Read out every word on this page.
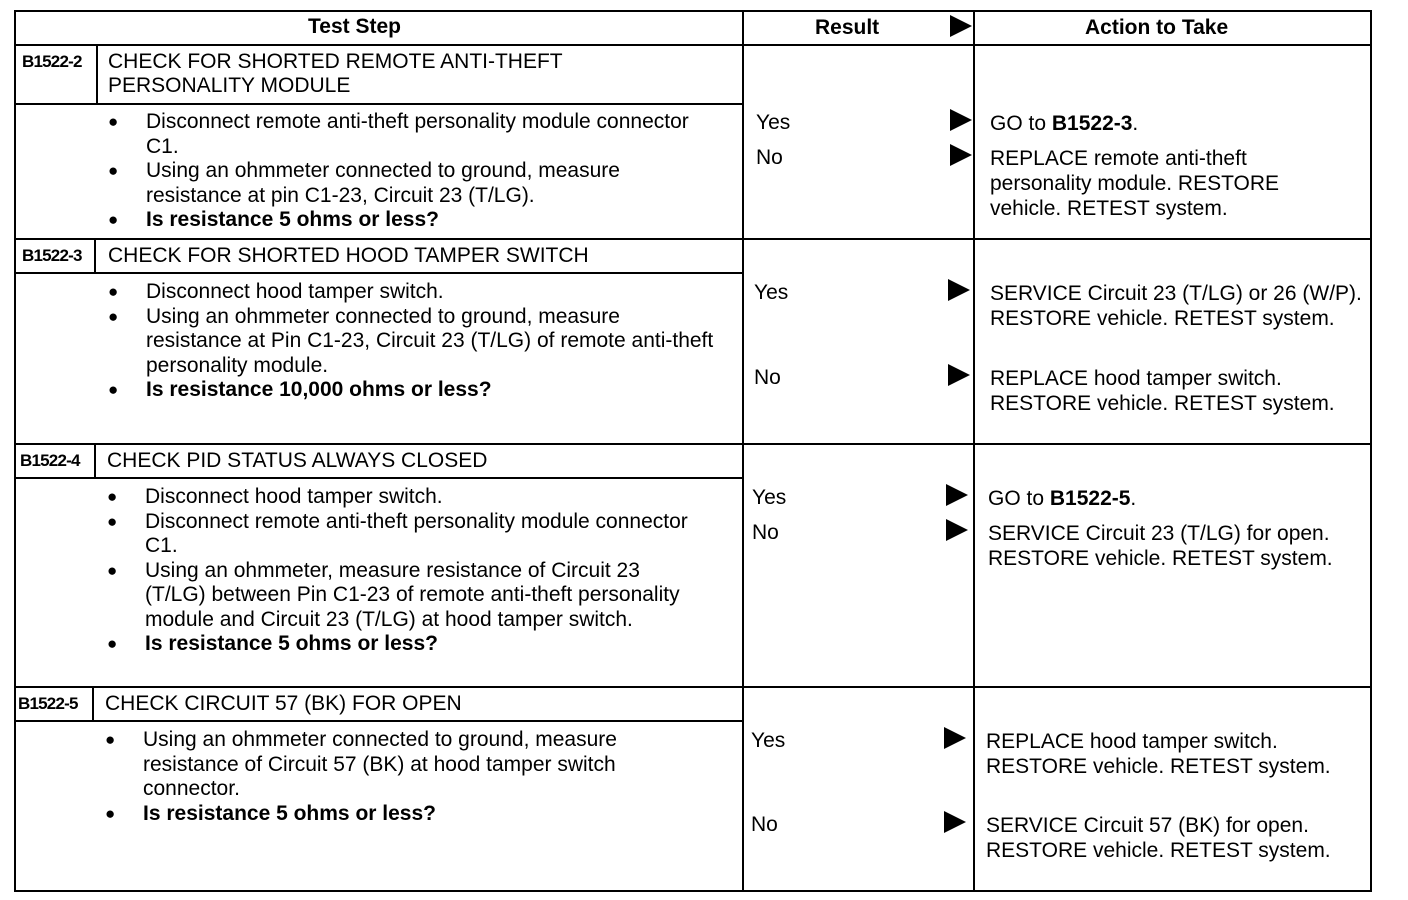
Test Step	Result	Action to Take
B1522-2 CHECK FOR SHORTED REMOTE ANTI-THEFT PERSONALITY MODULE
● Disconnect remote anti-theft personality module connector C1.
● Using an ohmmeter connected to ground, measure resistance at pin C1-23, Circuit 23 (T/LG).
● Is resistance 5 ohms or less?
Yes
No
GO to B1522-3.
REPLACE remote anti-theft personality module. RESTORE vehicle. RETEST system.
B1522-3 CHECK FOR SHORTED HOOD TAMPER SWITCH
● Disconnect hood tamper switch.
● Using an ohmmeter connected to ground, measure resistance at Pin C1-23, Circuit 23 (T/LG) of remote anti-theft personality module.
● Is resistance 10,000 ohms or less?
Yes
No
SERVICE Circuit 23 (T/LG) or 26 (W/P). RESTORE vehicle. RETEST system.
REPLACE hood tamper switch. RESTORE vehicle. RETEST system.
B1522-4 CHECK PID STATUS ALWAYS CLOSED
● Disconnect hood tamper switch.
● Disconnect remote anti-theft personality module connector C1.
● Using an ohmmeter, measure resistance of Circuit 23 (T/LG) between Pin C1-23 of remote anti-theft personality module and Circuit 23 (T/LG) at hood tamper switch.
● Is resistance 5 ohms or less?
Yes
No
GO to B1522-5.
SERVICE Circuit 23 (T/LG) for open. RESTORE vehicle. RETEST system.
B1522-5 CHECK CIRCUIT 57 (BK) FOR OPEN
● Using an ohmmeter connected to ground, measure resistance of Circuit 57 (BK) at hood tamper switch connector.
● Is resistance 5 ohms or less?
Yes
No
REPLACE hood tamper switch. RESTORE vehicle. RETEST system.
SERVICE Circuit 57 (BK) for open. RESTORE vehicle. RETEST system.
